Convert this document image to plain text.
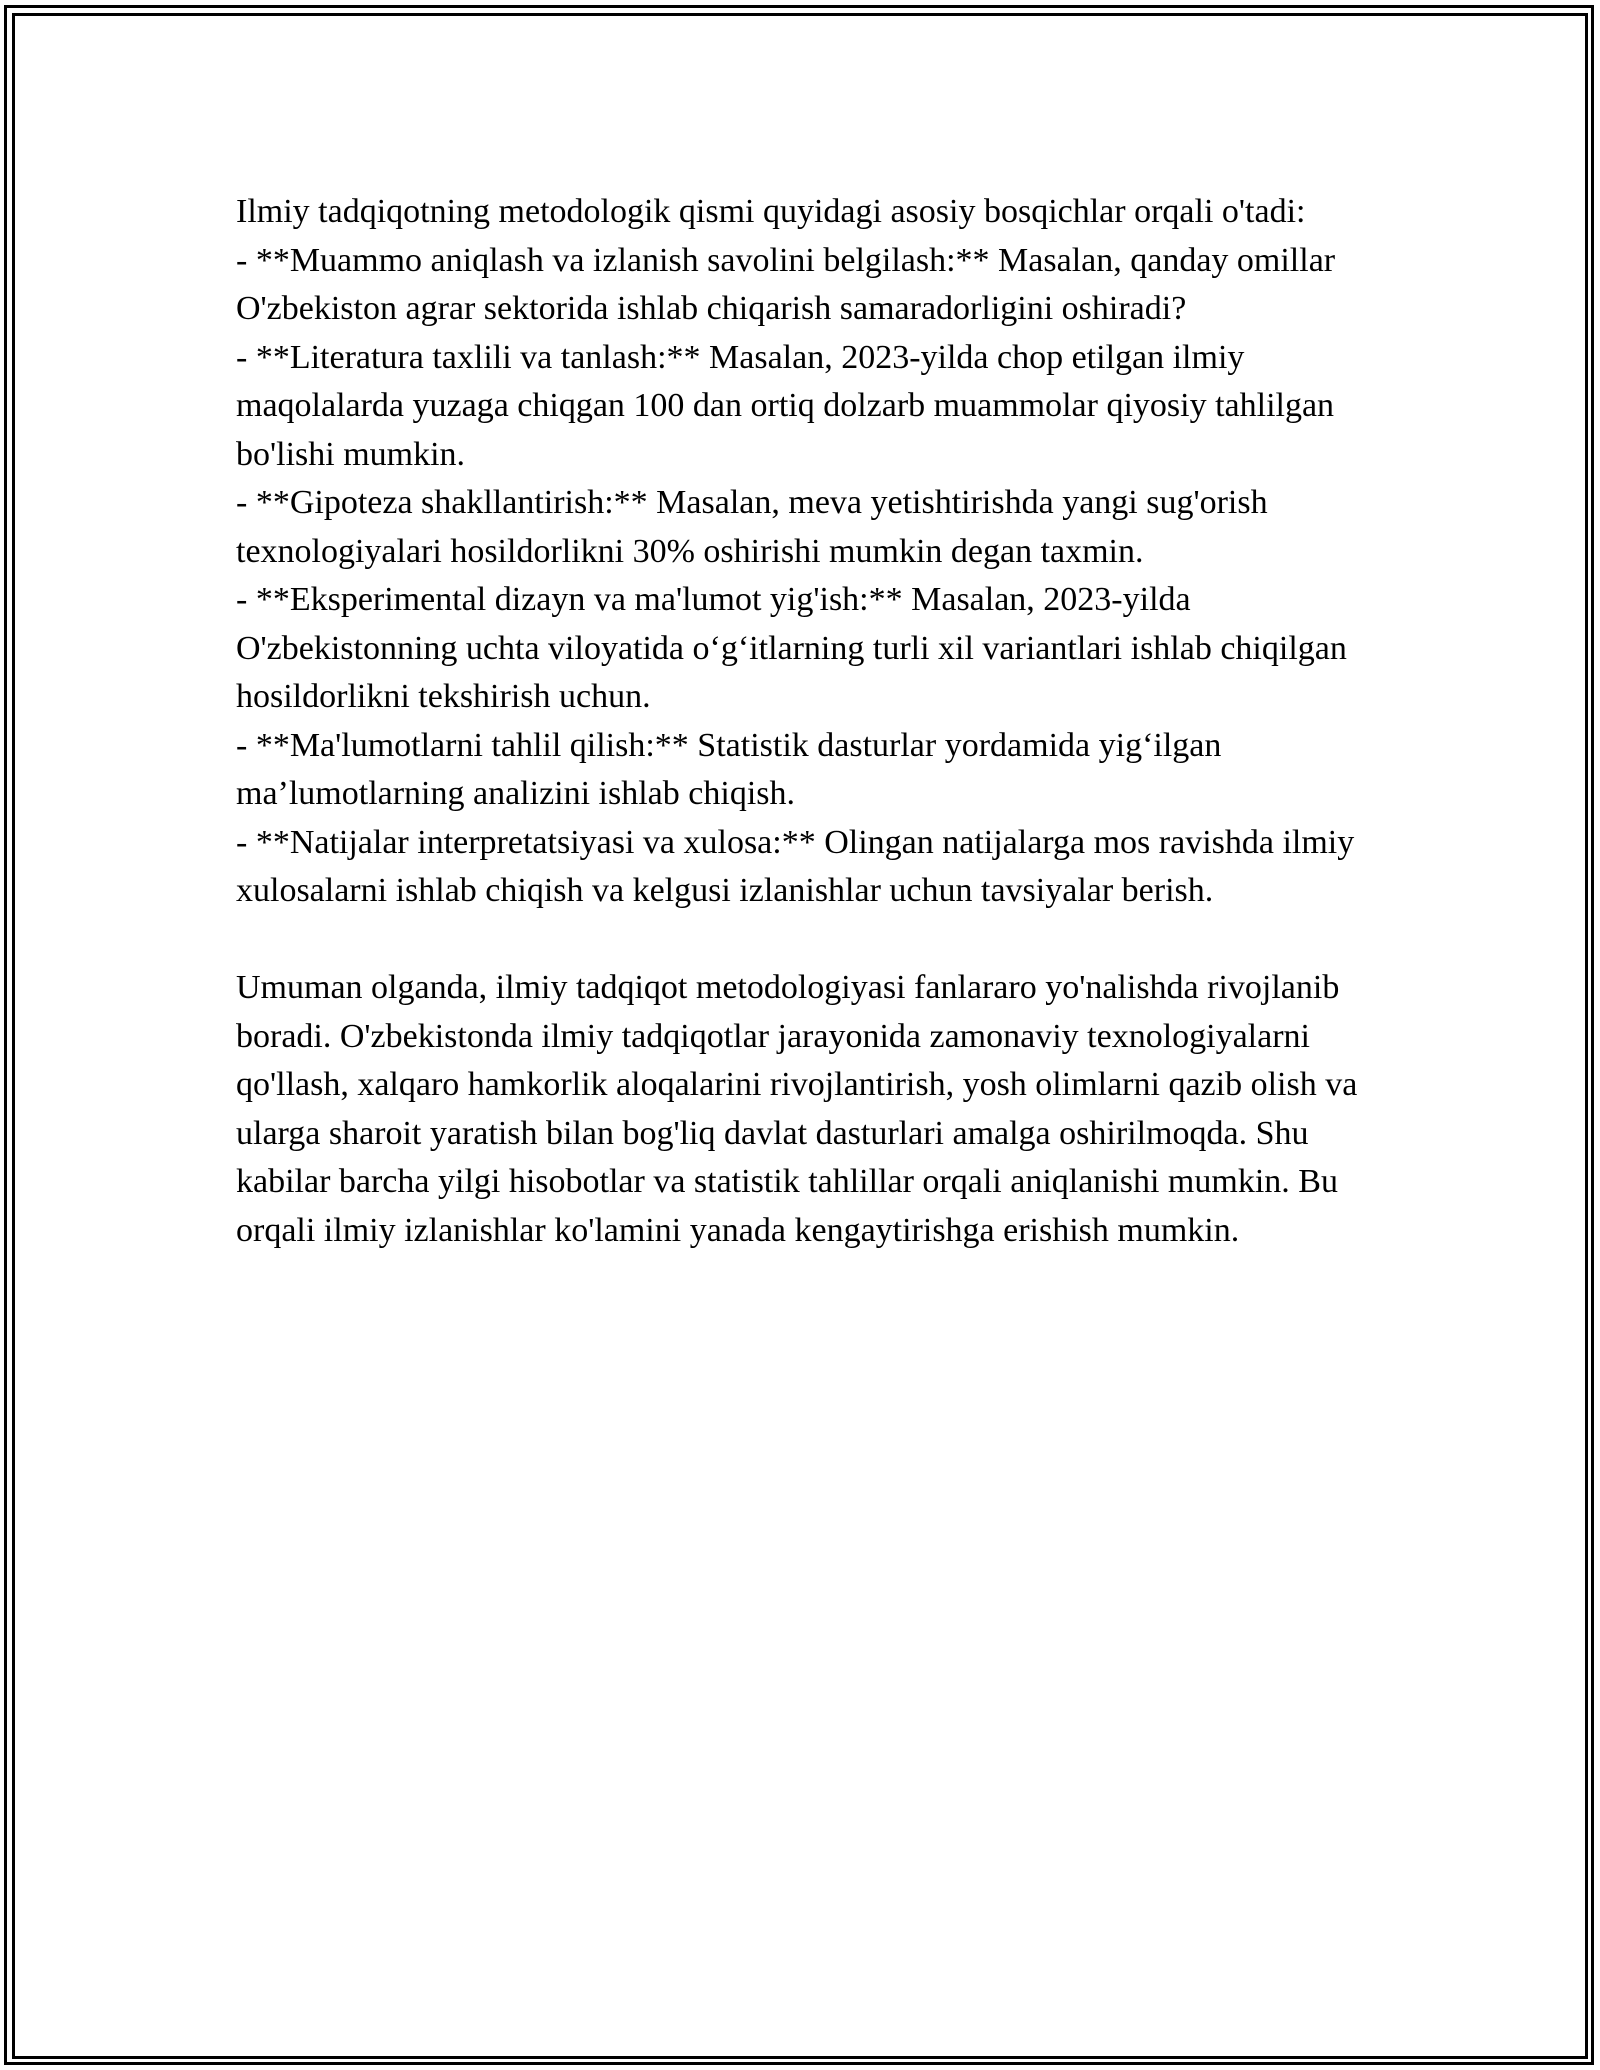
Ilmiy tadqiqotning metodologik qismi quyidagi asosiy bosqichlar orqali o'tadi:

- **Muammo aniqlash va izlanish savolini belgilash:** Masalan, qanday omillar O'zbekiston agrar sektorida ishlab chiqarish samaradorligini oshiradi?

- **Literatura taxlili va tanlash:** Masalan, 2023-yilda chop etilgan ilmiy maqolalarda yuzaga chiqgan 100 dan ortiq dolzarb muammolar qiyosiy tahlilgan bo'lishi mumkin.

- **Gipoteza shakllantirish:** Masalan, meva yetishtirishda yangi sug'orish texnologiyalari hosildorlikni 30% oshirishi mumkin degan taxmin.

- **Eksperimental dizayn va ma'lumot yig'ish:** Masalan, 2023-yilda O'zbekistonning uchta viloyatida o‘g‘itlarning turli xil variantlari ishlab chiqilgan hosildorlikni tekshirish uchun.

- **Ma'lumotlarni tahlil qilish:** Statistik dasturlar yordamida yig‘ilgan ma’lumotlarning analizini ishlab chiqish.

- **Natijalar interpretatsiyasi va xulosa:** Olingan natijalarga mos ravishda ilmiy xulosalarni ishlab chiqish va kelgusi izlanishlar uchun tavsiyalar berish.

Umuman olganda, ilmiy tadqiqot metodologiyasi fanlararo yo'nalishda rivojlanib boradi. O'zbekistonda ilmiy tadqiqotlar jarayonida zamonaviy texnologiyalarni qo'llash, xalqaro hamkorlik aloqalarini rivojlantirish, yosh olimlarni qazib olish va ularga sharoit yaratish bilan bog'liq davlat dasturlari amalga oshirilmoqda. Shu kabilar barcha yilgi hisobotlar va statistik tahlillar orqali aniqlanishi mumkin. Bu orqali ilmiy izlanishlar ko'lamini yanada kengaytirishga erishish mumkin.
